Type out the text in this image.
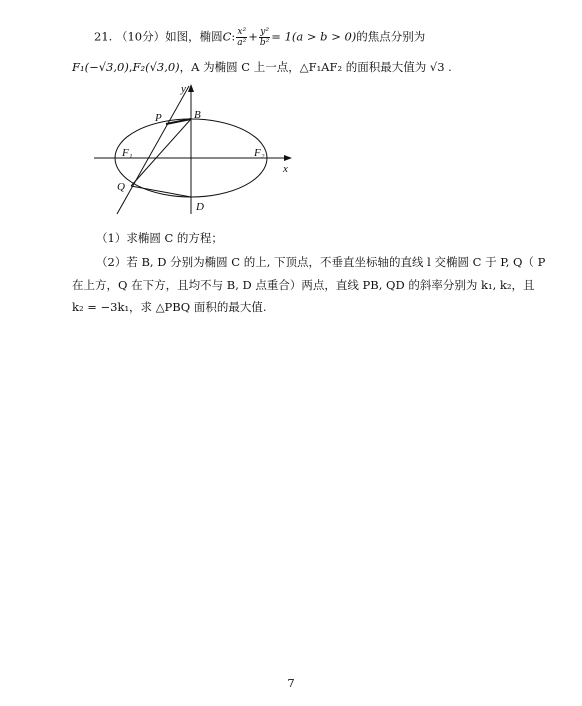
21. （10分）如图，椭圆C: $\frac{\text{x²}}{\text{a²}} + \frac{\text{y²}}{\text{b²}} = 1(a > b > 0)$的焦点分别为
F₁(−√3,0),F₂(√3,0)，A 为椭圆 C 上一点，△F₁AF₂ 的面积最大值为 √3 .
y
x
P	B
F₁	F₂
Q
D
（1）求椭圆 C 的方程；
（2）若 B, D 分别为椭圆 C 的上, 下顶点，不垂直坐标轴的直线 l 交椭圆 C 于 P, Q（ P
在上方，Q 在下方，且均不与 B, D 点重合）两点，直线 PB, QD 的斜率分别为 k₁, k₂，且
k₂ = −3k₁，求 △PBQ 面积的最大值.
7
